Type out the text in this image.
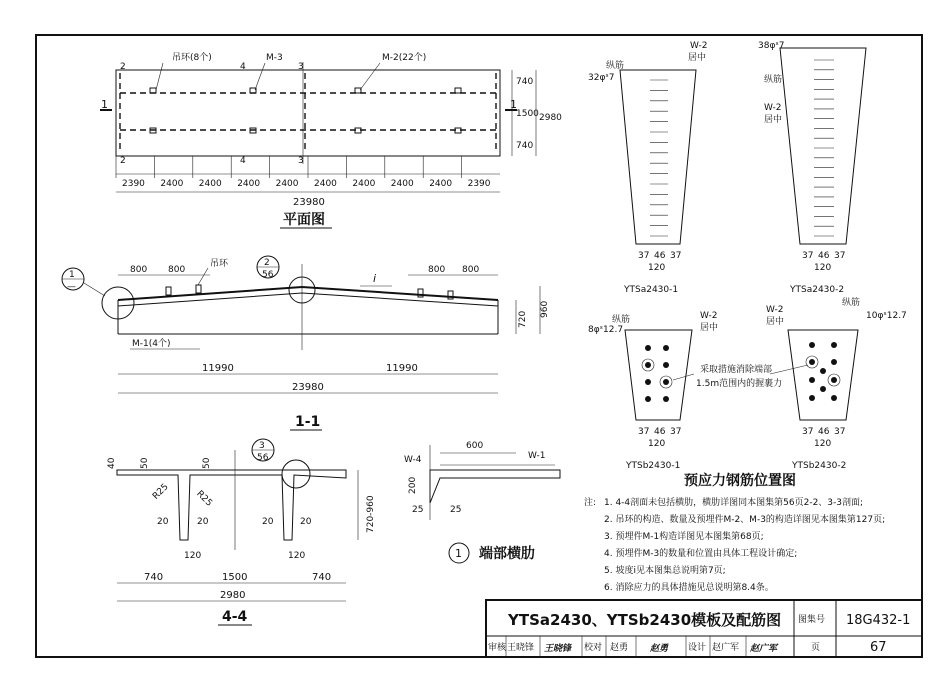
1	1
2
2
4
4
3
3
吊环(8个)	M-3	M-2(22个)
2390 2400 2400 2400 2400 2400 2400 2400 2400 2390
23980
740
1500
740
2980
平面图
1
—
2
56
800 800	800 800
吊环
i
M-1(4个)
11990	11990
23980
720
960
1-1
3
56
40	50	50
R25	R25
20	20	20	20
120	120
720-960
740	1500	740
2980
4-4
600
W-4	W-1
200
25	25
1 端部横肋
纵筋
W-2
居中
32φˢ7
37 46 37
120
YTSa2430-1
38φˢ7
纵筋
W-2
居中
37 46 37
120
YTSa2430-2
纵筋	W-2
居中
8φˢ12.7
37 46 37
120
YTSb2430-1
W-2
居中
纵筋
10φˢ12.7
37 46 37
120
YTSb2430-2
采取措施消除端部
1.5m范围内的握裹力
预应力钢筋位置图
注: 1. 4-4剖面未包括横肋，横肋详图同本图集第56页2-2、3-3剖面;
2. 吊环的构造、数量及预埋件M-2、M-3的构造详图见本图集第127页;
3. 预埋件M-1构造详图见本图集第68页;
4. 预埋件M-3的数量和位置由具体工程设计确定;
5. 坡度i见本图集总说明第7页;
6. 消除应力的具体措施见总说明第8.4条。
YTSa2430、YTSb2430模板及配筋图 图集号 18G432-1
审核 王晓锋 王晓锋 校对 赵勇 赵勇 设计 赵广军 赵广军	页	67
